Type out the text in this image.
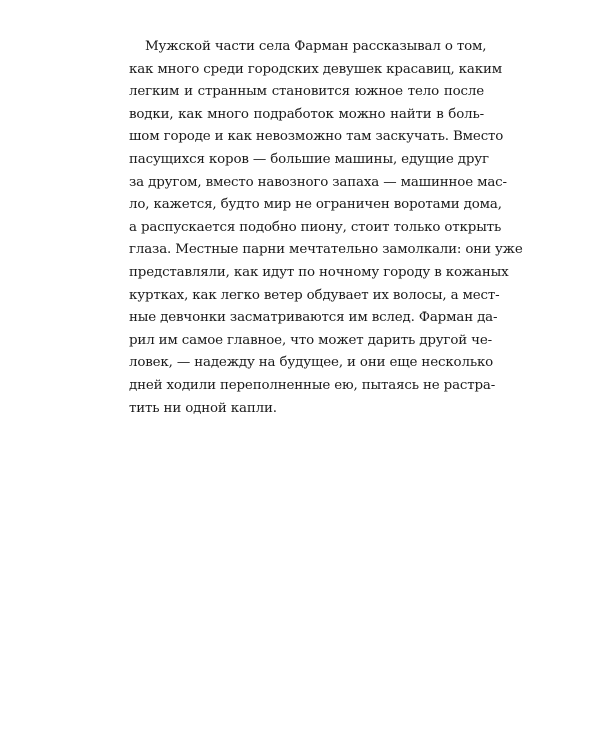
Мужской части села Фарман рассказывал о том,
как много среди городских девушек красавиц, каким
легким и странным становится южное тело после
водки, как много подработок можно найти в боль-
шом городе и как невозможно там заскучать. Вместо
пасущихся коров — большие машины, едущие друг
за другом, вместо навозного запаха — машинное мас-
ло, кажется, будто мир не ограничен воротами дома,
а распускается подобно пиону, стоит только открыть
глаза. Местные парни мечтательно замолкали: они уже
представляли, как идут по ночному городу в кожаных
куртках, как легко ветер обдувает их волосы, а мест-
ные девчонки засматриваются им вслед. Фарман да-
рил им самое главное, что может дарить другой че-
ловек, — надежду на будущее, и они еще несколько
дней ходили переполненные ею, пытаясь не растра-
тить ни одной капли.
